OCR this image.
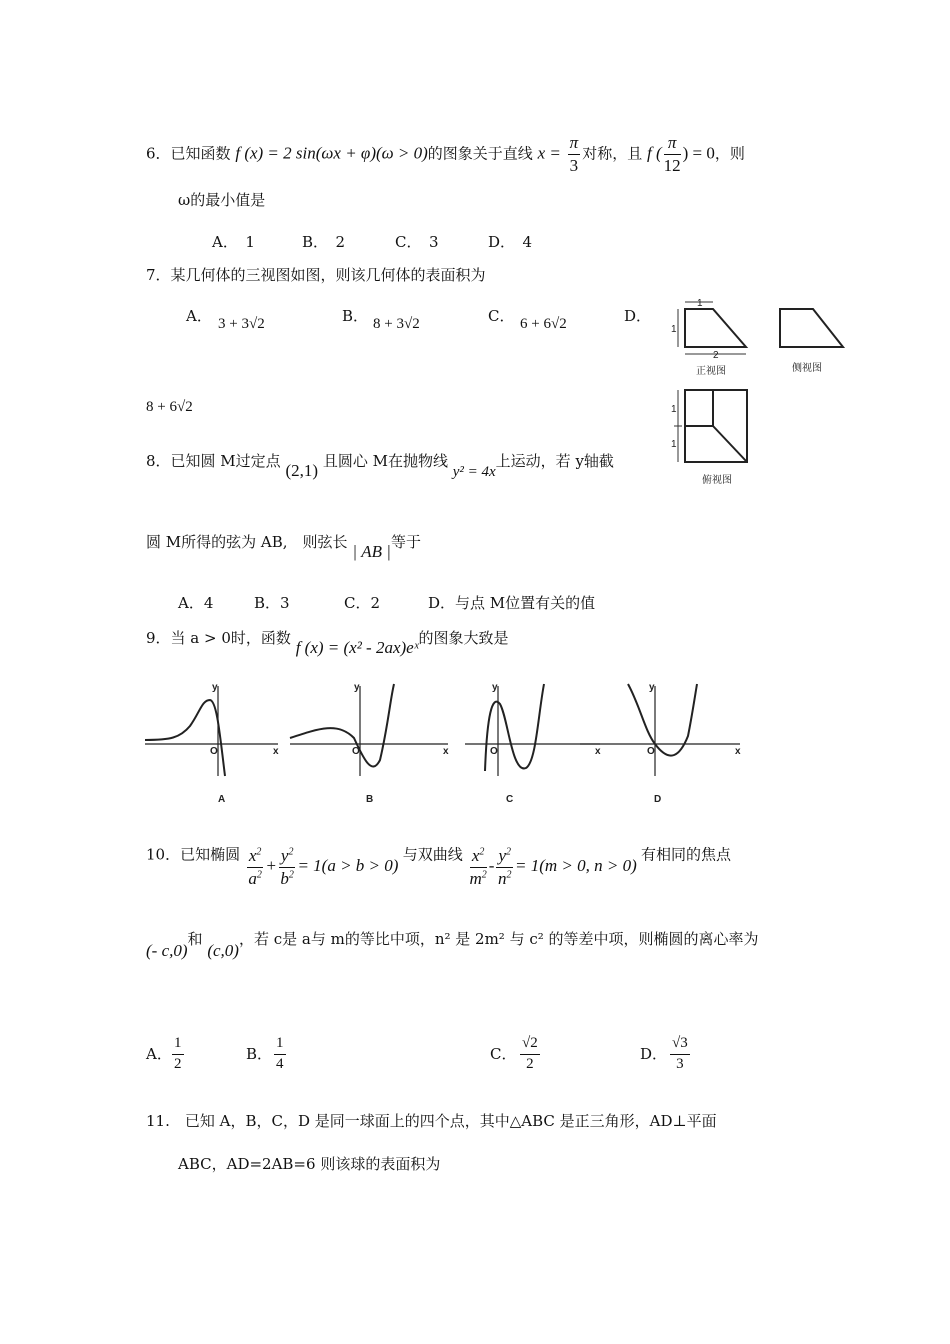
6．已知函数 f (x) = 2 sin(ωx + φ)(ω > 0)的图象关于直线 $x = \frac{\pi}{3}$ 对称，且 f ( $\frac{\pi}{12}$ ) = 0，则
ω的最小值是
A．　1	B．　2	C．　3	D．　4
7．某几何体的三视图如图，则该几何体的表面积为
A． 3 + 3√2	B． 8 + 3√2	C． 6 + 6√2	D．
8 + 6√2
1
1
2
1
1
正视图	侧视图
俯视图
8．已知圆 M过定点 (2,1) 且圆心 M在抛物线 y² = 4x上运动，若 y轴截
圆 M所得的弦为 AB,　则弦长 | AB |等于
A．4	B．3	C．2	D．与点 M位置有关的值
9．当 a > 0时，函数 f (x) = (x² - 2ax)eˣ的图象大致是
y
x
O
y
x
O
y
x
O
y
x
O
A	B	C	D
10．已知椭圆 $\frac{x^2}{a^2} + \frac{y^2}{b^2} = 1(a > b > 0)$ 与双曲线 $\frac{x^2}{m^2} - \frac{y^2}{n^2} = 1(m > 0$, n > 0) 有相同的焦点
(- c,0)和 (c,0)，若 c是 a与 m的等比中项，n² 是 2m² 与 c² 的等差中项，则椭圆的离心率为
A． $\frac{1}{2}$	B． $\frac{1}{4}$	C． $\frac{√2}{2}$	D． $\frac{√3}{3}$
11.　已知 A，B，C，D 是同一球面上的四个点，其中△ABC 是正三角形，AD⊥平面
ABC，AD=2AB=6 则该球的表面积为
